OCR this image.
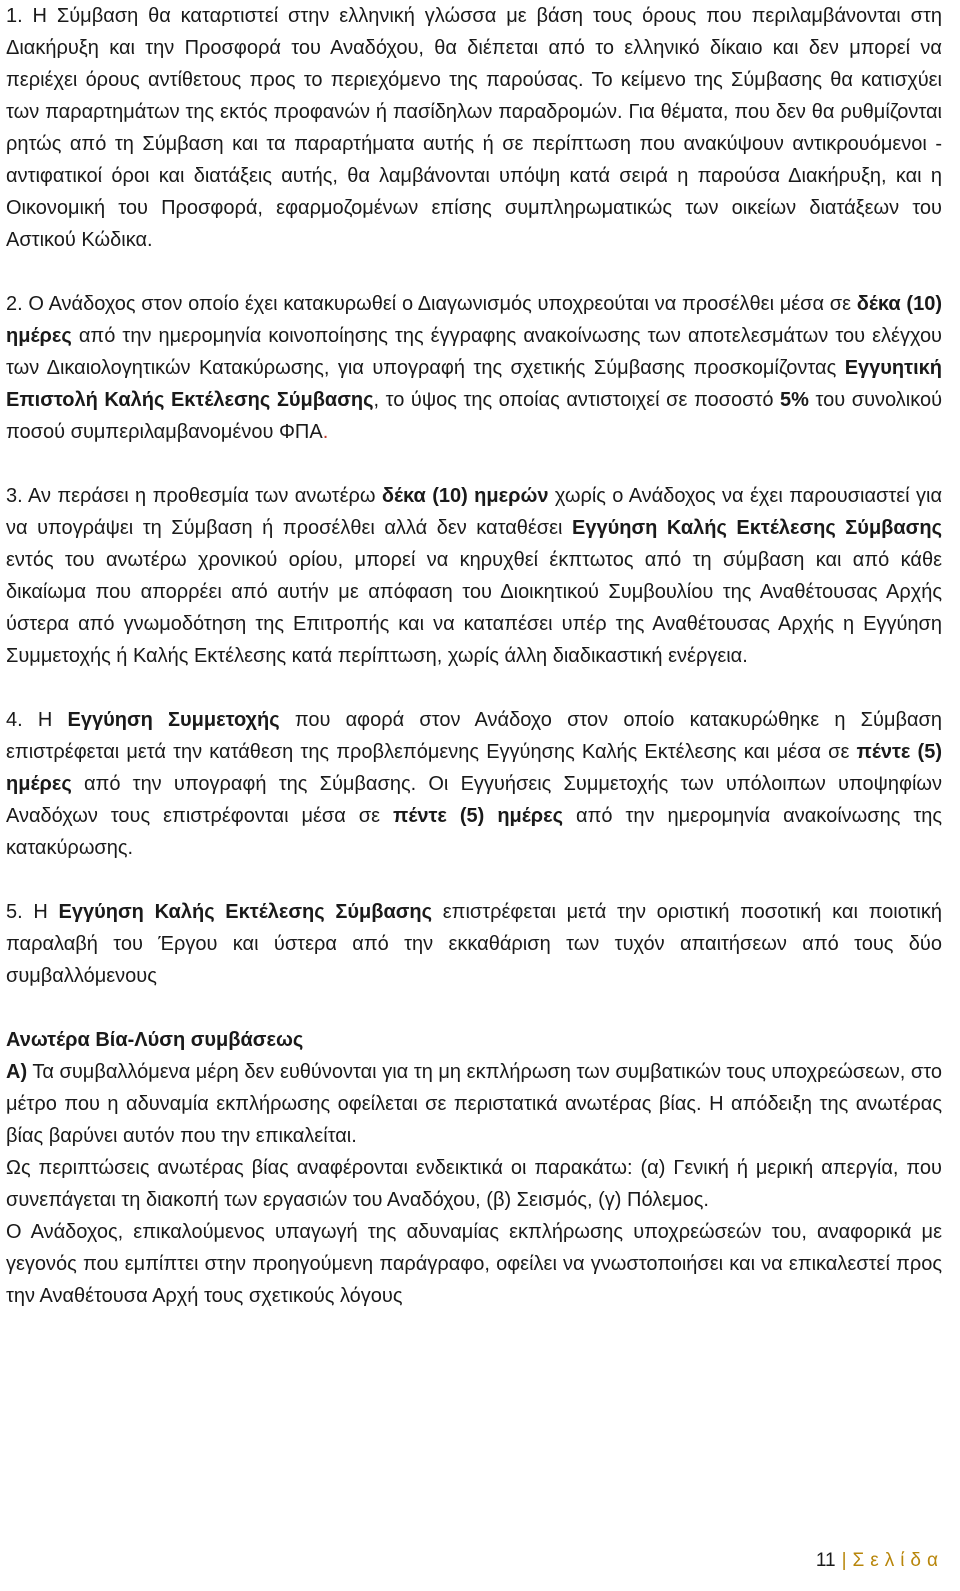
1. Η Σύμβαση θα καταρτιστεί στην ελληνική γλώσσα με βάση τους όρους που περιλαμβάνονται στη Διακήρυξη και την Προσφορά του Αναδόχου, θα διέπεται από το ελληνικό δίκαιο και δεν μπορεί να περιέχει όρους αντίθετους προς το περιεχόμενο της παρούσας. Το κείμενο της Σύμβασης θα κατισχύει των παραρτημάτων της εκτός προφανών ή πασίδηλων παραδρομών. Για θέματα, που δεν θα ρυθμίζονται ρητώς από τη Σύμβαση και τα παραρτήματα αυτής ή σε περίπτωση που ανακύψουν αντικρουόμενοι - αντιφατικοί όροι και διατάξεις αυτής, θα λαμβάνονται υπόψη κατά σειρά η παρούσα Διακήρυξη, και η Οικονομική του Προσφορά, εφαρμοζομένων επίσης συμπληρωματικώς των οικείων διατάξεων του Αστικού Κώδικα.

2. Ο Ανάδοχος στον οποίο έχει κατακυρωθεί ο Διαγωνισμός υποχρεούται να προσέλθει μέσα σε δέκα (10) ημέρες από την ημερομηνία κοινοποίησης της έγγραφης ανακοίνωσης των αποτελεσμάτων του ελέγχου των Δικαιολογητικών Κατακύρωσης, για υπογραφή της σχετικής Σύμβασης προσκομίζοντας Εγγυητική Επιστολή Καλής Εκτέλεσης Σύμβασης, το ύψος της οποίας αντιστοιχεί σε ποσοστό 5% του συνολικού ποσού συμπεριλαμβανομένου ΦΠΑ.

3. Αν περάσει η προθεσμία των ανωτέρω δέκα (10) ημερών χωρίς ο Ανάδοχος να έχει παρουσιαστεί για να υπογράψει τη Σύμβαση ή προσέλθει αλλά δεν καταθέσει Εγγύηση Καλής Εκτέλεσης Σύμβασης εντός του ανωτέρω χρονικού ορίου, μπορεί να κηρυχθεί έκπτωτος από τη σύμβαση και από κάθε δικαίωμα που απορρέει από αυτήν με απόφαση του Διοικητικού Συμβουλίου της Αναθέτουσας Αρχής ύστερα από γνωμοδότηση της Επιτροπής και να καταπέσει υπέρ της Αναθέτουσας Αρχής η Εγγύηση Συμμετοχής ή Καλής Εκτέλεσης κατά περίπτωση, χωρίς άλλη διαδικαστική ενέργεια.

4. Η Εγγύηση Συμμετοχής που αφορά στον Ανάδοχο στον οποίο κατακυρώθηκε η Σύμβαση επιστρέφεται μετά την κατάθεση της προβλεπόμενης Εγγύησης Καλής Εκτέλεσης και μέσα σε πέντε (5) ημέρες από την υπογραφή της Σύμβασης. Οι Εγγυήσεις Συμμετοχής των υπόλοιπων υποψηφίων Αναδόχων τους επιστρέφονται μέσα σε πέντε (5) ημέρες από την ημερομηνία ανακοίνωσης της κατακύρωσης.

5. Η Εγγύηση Καλής Εκτέλεσης Σύμβασης επιστρέφεται μετά την οριστική ποσοτική και ποιοτική παραλαβή του Έργου και ύστερα από την εκκαθάριση των τυχόν απαιτήσεων από τους δύο συμβαλλόμενους

Ανωτέρα Βία-Λύση συμβάσεως

Α) Τα συμβαλλόμενα μέρη δεν ευθύνονται για τη μη εκπλήρωση των συμβατικών τους υποχρεώσεων, στο μέτρο που η αδυναμία εκπλήρωσης οφείλεται σε περιστατικά ανωτέρας βίας. Η απόδειξη της ανωτέρας βίας βαρύνει αυτόν που την επικαλείται.

Ως περιπτώσεις ανωτέρας βίας αναφέρονται ενδεικτικά οι παρακάτω: (α) Γενική ή μερική απεργία, που συνεπάγεται τη διακοπή των εργασιών του Αναδόχου, (β) Σεισμός, (γ) Πόλεμος.

Ο Ανάδοχος, επικαλούμενος υπαγωγή της αδυναμίας εκπλήρωσης υποχρεώσεών του, αναφορικά με γεγονός που εμπίπτει στην προηγούμενη παράγραφο, οφείλει να γνωστοποιήσει και να επικαλεστεί προς την Αναθέτουσα Αρχή τους σχετικούς λόγους

11 | Σελίδα
